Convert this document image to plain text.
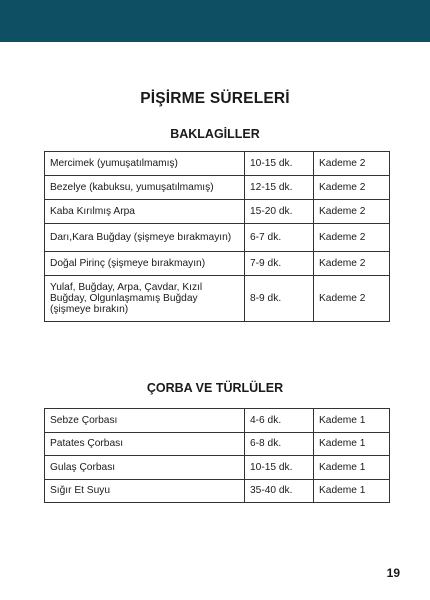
PİŞİRME SÜRELERİ
BAKLAGİLLER
Mercimek (yumuşatılmamış)	10-15 dk.	Kademe 2
Bezelye (kabuksu, yumuşatılmamış)	12-15 dk.	Kademe 2
Kaba Kırılmış Arpa	15-20 dk.	Kademe 2
Darı,Kara Buğday (şişmeye bırakmayın)	6-7 dk.	Kademe 2
Doğal Pirinç (şişmeye bırakmayın)	7-9 dk.	Kademe 2
Yulaf, Buğday, Arpa, Çavdar, Kızıl Buğday, Olgunlaşmamış Buğday (şişmeye bırakın)	8-9 dk.	Kademe 2
ÇORBA VE TÜRLÜLER
Sebze Çorbası	4-6 dk.	Kademe 1
Patates Çorbası	6-8 dk.	Kademe 1
Gulaş Çorbası	10-15 dk.	Kademe 1
Sığır Et Suyu	35-40 dk.	Kademe 1
19
